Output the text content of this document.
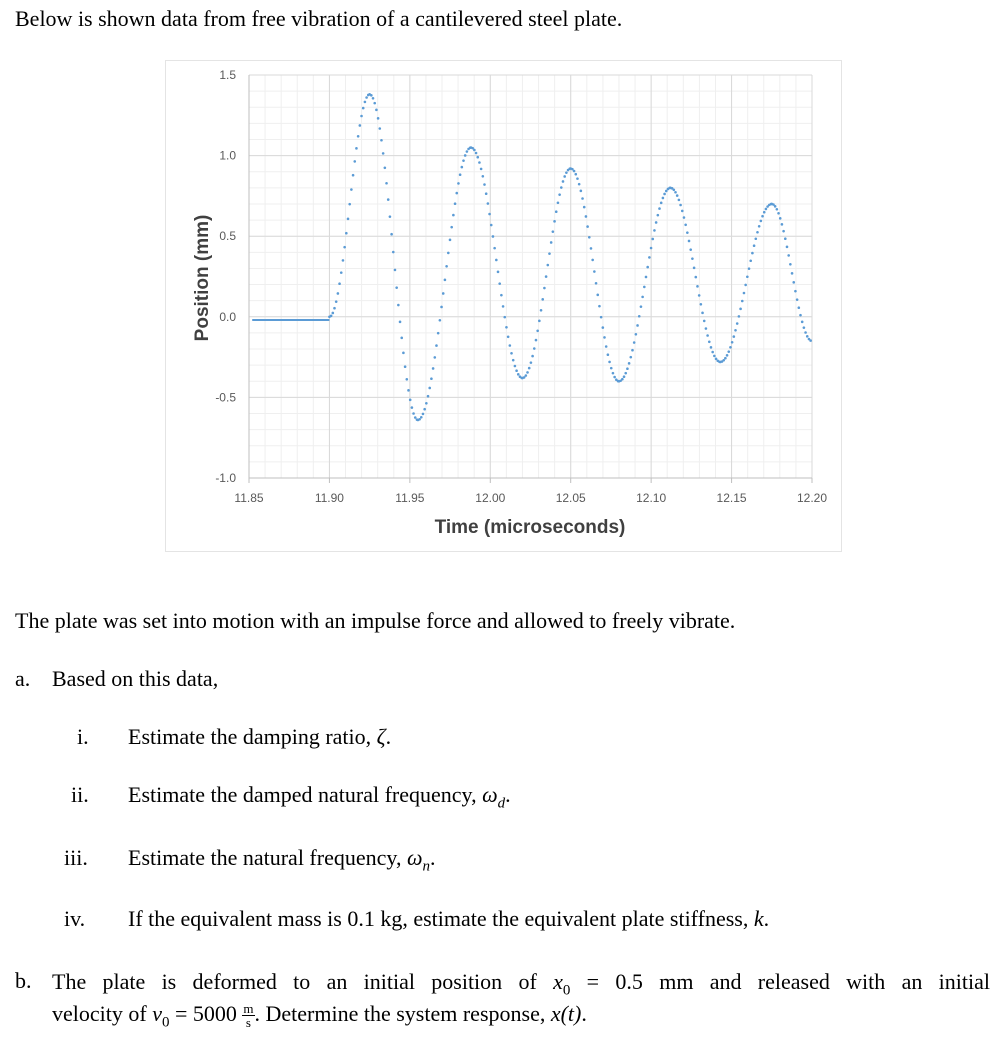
Below is shown data from free vibration of a cantilevered steel plate.
11.85	11.90	11.95	12.00	12.05	12.10	12.15	12.20
-1.0
-0.5
0.0
0.5
1.0
1.5
Position (mm)
Time (microseconds)
The plate was set into motion with an impulse force and allowed to freely vibrate.
a. Based on this data,
i. Estimate the damping ratio, ζ.
ii. Estimate the damped natural frequency, $\omega_d$.
iii. Estimate the natural frequency, $\omega_n$.
iv. If the equivalent mass is 0.1 kg, estimate the equivalent plate stiffness, k.
b. The plate is deformed to an initial position of $x_0 = 0.5$ mm and released with an initial
velocity of $v_0 = 5000 \frac{m}{s}$ . Determine the system response, x(t).
